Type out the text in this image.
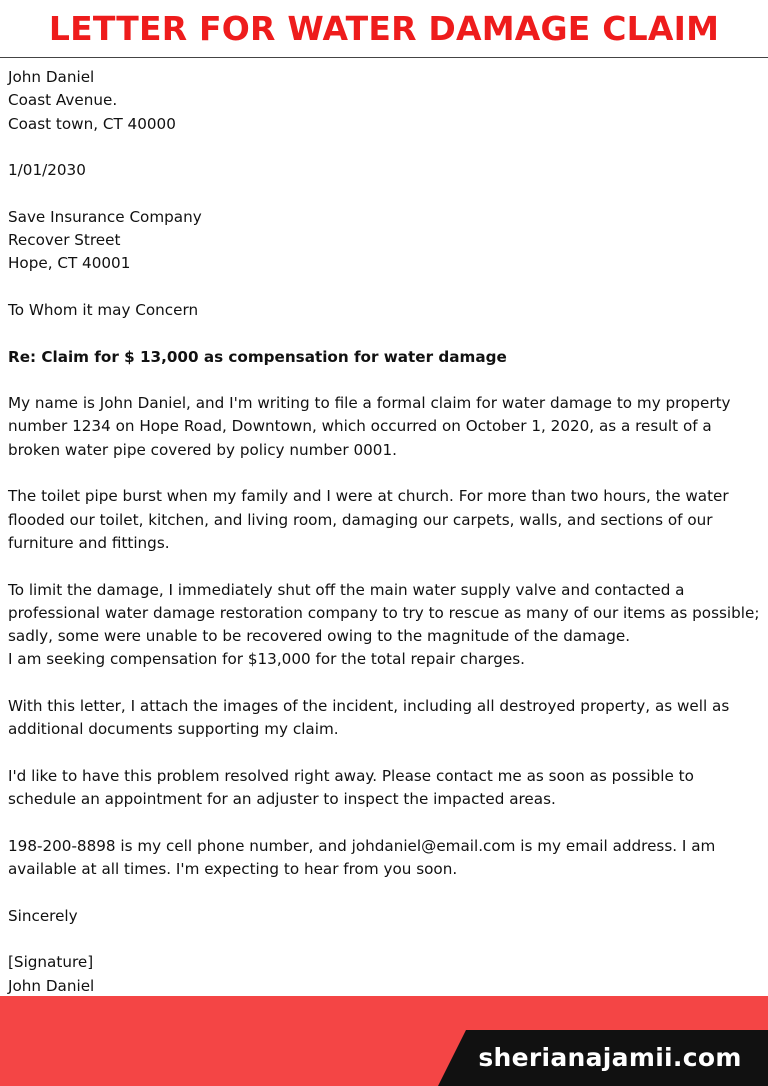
LETTER FOR WATER DAMAGE CLAIM

John Daniel
Coast Avenue.
Coast town, CT 40000

1/01/2030

Save Insurance Company
Recover Street
Hope, CT 40001

To Whom it may Concern

Re: Claim for $ 13,000 as compensation for water damage

My name is John Daniel, and I'm writing to file a formal claim for water damage to my property number 1234 on Hope Road, Downtown, which occurred on October 1, 2020, as a result of a broken water pipe covered by policy number 0001.

The toilet pipe burst when my family and I were at church. For more than two hours, the water flooded our toilet, kitchen, and living room, damaging our carpets, walls, and sections of our furniture and fittings.

To limit the damage, I immediately shut off the main water supply valve and contacted a professional water damage restoration company to try to rescue as many of our items as possible; sadly, some were unable to be recovered owing to the magnitude of the damage.
I am seeking compensation for $13,000 for the total repair charges.

With this letter, I attach the images of the incident, including all destroyed property, as well as additional documents supporting my claim.

I'd like to have this problem resolved right away. Please contact me as soon as possible to schedule an appointment for an adjuster to inspect the impacted areas.

198-200-8898 is my cell phone number, and johdaniel@email.com is my email address. I am available at all times. I'm expecting to hear from you soon.

Sincerely

[Signature]
John Daniel

sherianajamii.com
